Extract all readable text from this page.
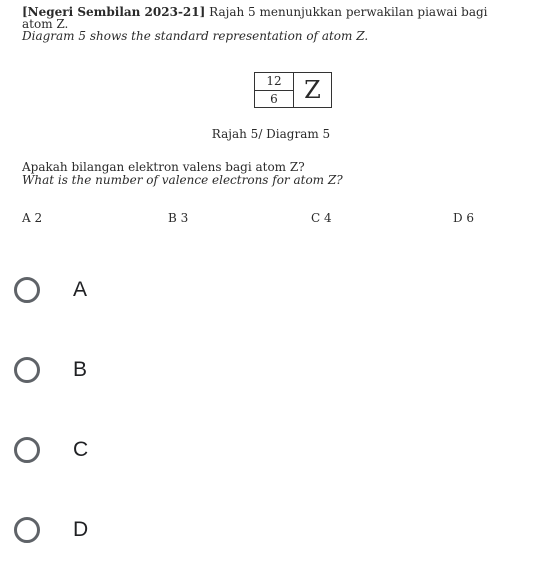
[Negeri Sembilan 2023-21] Rajah 5 menunjukkan perwakilan piawai bagi
atom Z.
Diagram 5 shows the standard representation of atom Z.
12
6	Z
Rajah 5/ Diagram 5
Apakah bilangan elektron valens bagi atom Z?
What is the number of valence electrons for atom Z?
A 2	B 3	C 4	D 6
A
B
C
D
